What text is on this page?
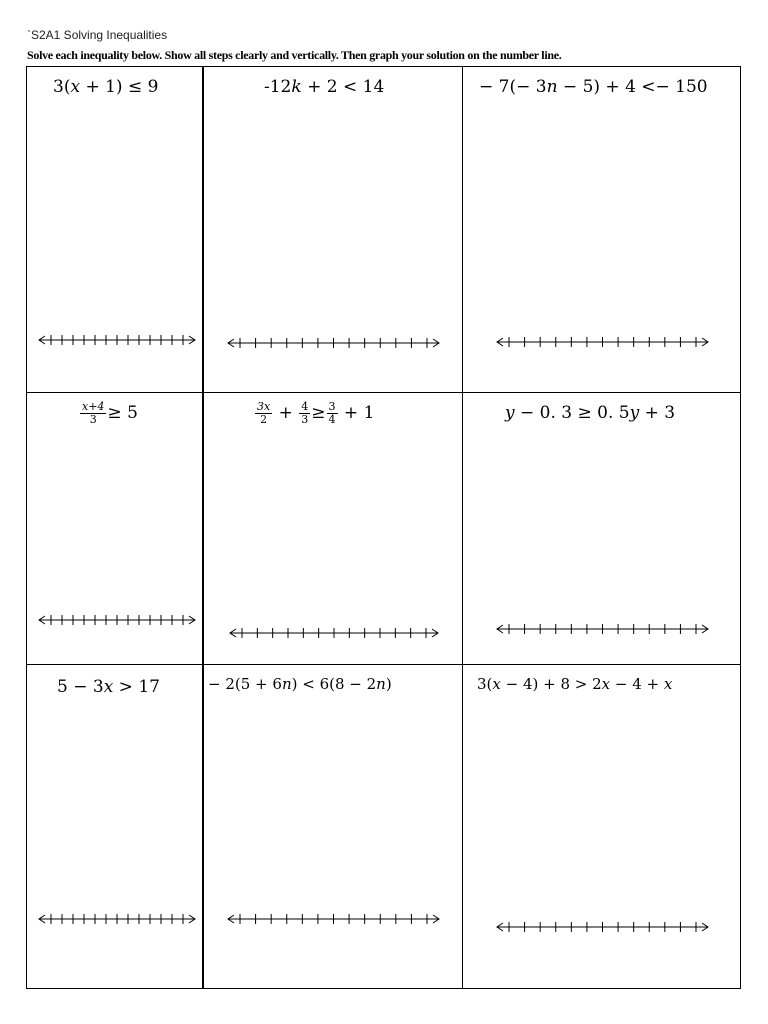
`S2A1 Solving Inequalities
Solve each inequality below. Show all steps clearly and vertically. Then graph your solution on the number line.
3(x + 1) ≤ 9	-12k + 2 < 14	− 7(− 3n − 5) + 4 <− 150
$\frac{x+4}{3} \ge 5$	$\frac{3x}{2} + \frac{4}{3} \ge \frac{3}{4} + 1$	y − 0. 3 ≥ 0. 5y + 3
5 − 3x > 17	− 2(5 + 6n) < 6(8 − 2n)	3(x − 4) + 8 > 2x − 4 + x
